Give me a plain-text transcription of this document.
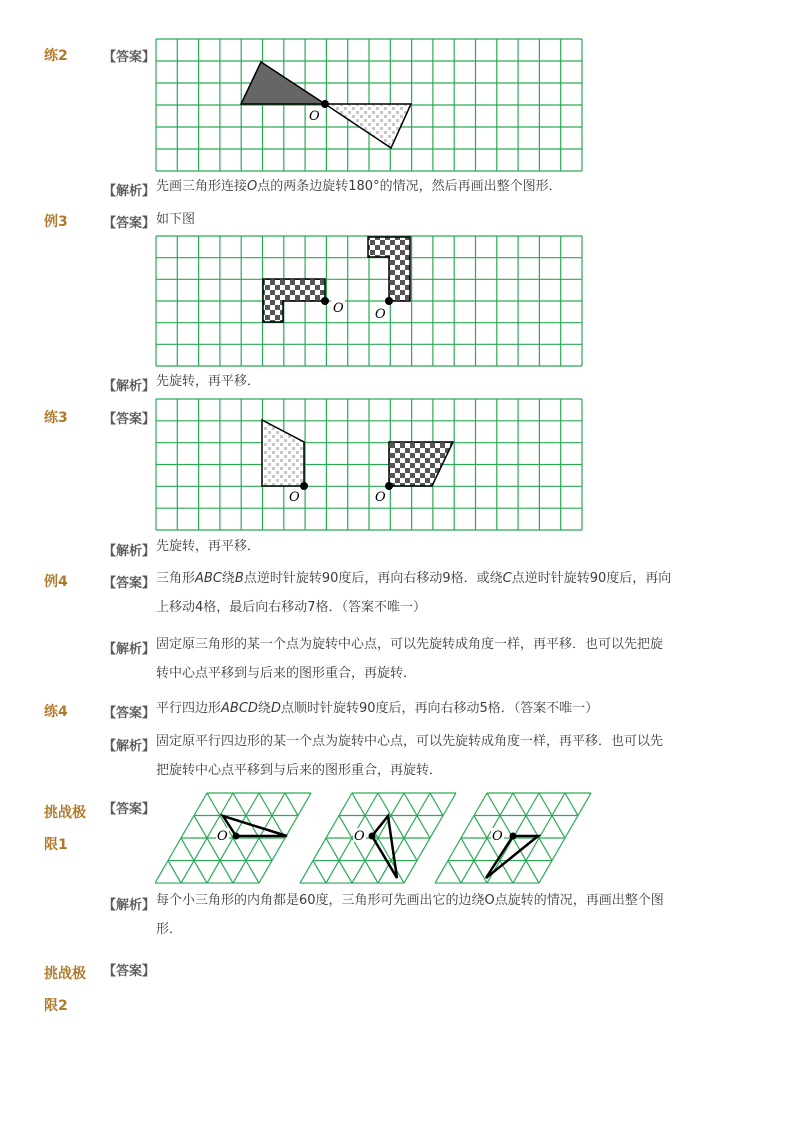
练2	【答案】
O
【解析】 先画三角形连接O点的两条边旋转180°的情况，然后再画出整个图形．
例3	【答案】 如下图
O O
【解析】 先旋转，再平移．
练3	【答案】
O	O
【解析】 先旋转，再平移．
例4	【答案】 三角形ABC绕B点逆时针旋转90度后，再向右移动9格．或绕C点逆时针旋转90度后，再向
上移动4格，最后向右移动7格．（答案不唯一）
【解析】 固定原三角形的某一个点为旋转中心点，可以先旋转成角度一样，再平移．也可以先把旋
转中心点平移到与后来的图形重合，再旋转．
练4	【答案】 平行四边形ABCD绕D点顺时针旋转90度后，再向右移动5格．（答案不唯一）
【解析】 固定原平行四边形的某一个点为旋转中心点，可以先旋转成角度一样，再平移．也可以先
把旋转中心点平移到与后来的图形重合，再旋转．
挑战极
限1
【答案】
O	O	O
【解析】 每个小三角形的内角都是60度，三角形可先画出它的边绕O点旋转的情况，再画出整个图
形．
挑战极
限2
【答案】
